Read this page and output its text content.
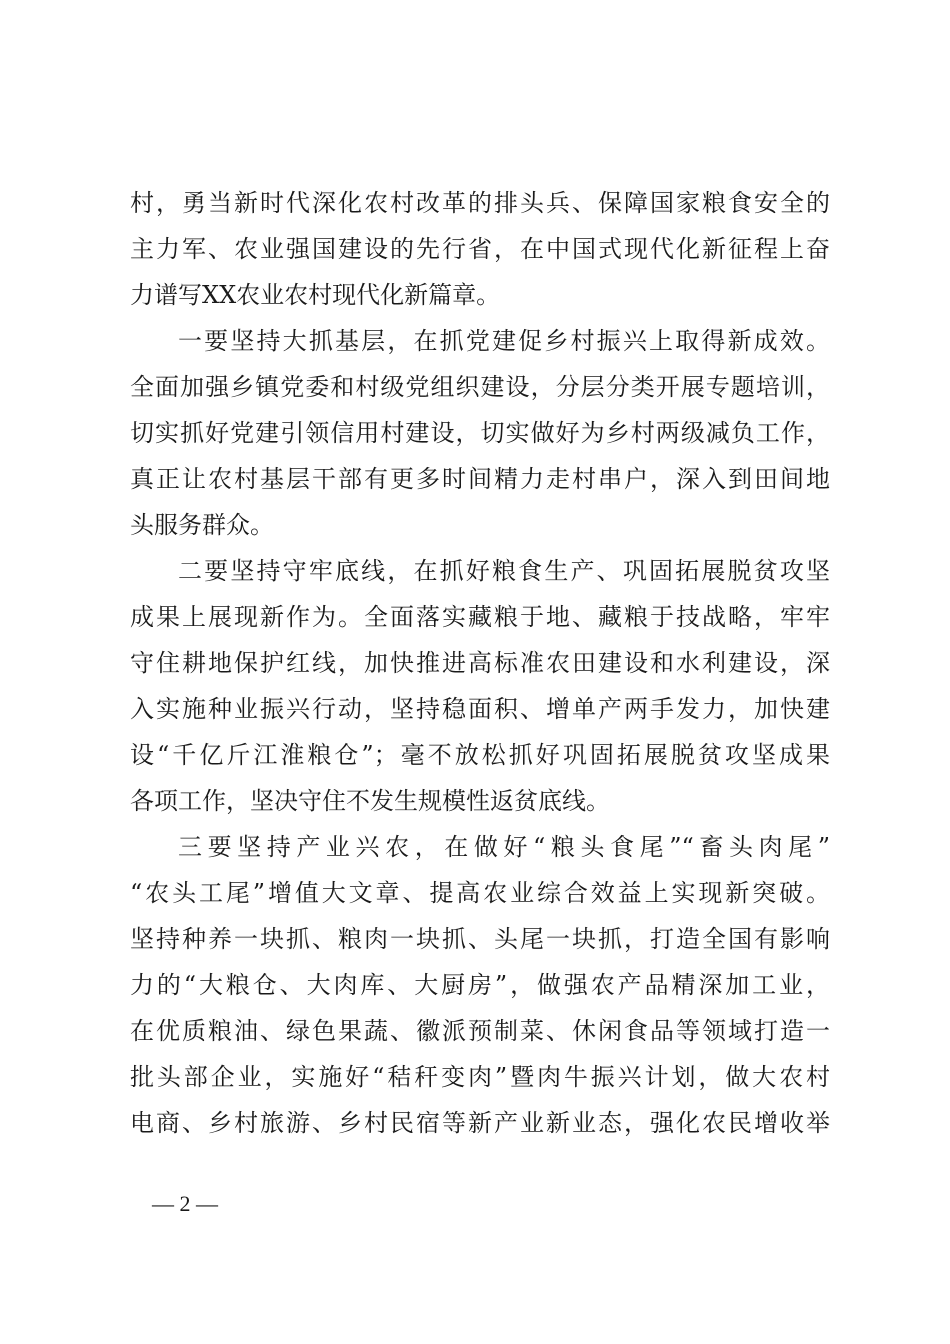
村，勇当新时代深化农村改革的排头兵、保障国家粮食安全的
主力军、农业强国建设的先行省，在中国式现代化新征程上奋
力谱写XX农业农村现代化新篇章。
一要坚持大抓基层，在抓党建促乡村振兴上取得新成效。
全面加强乡镇党委和村级党组织建设，分层分类开展专题培训，
切实抓好党建引领信用村建设，切实做好为乡村两级减负工作，
真正让农村基层干部有更多时间精力走村串户，深入到田间地
头服务群众。
二要坚持守牢底线，在抓好粮食生产、巩固拓展脱贫攻坚
成果上展现新作为。全面落实藏粮于地、藏粮于技战略，牢牢
守住耕地保护红线，加快推进高标准农田建设和水利建设，深
入实施种业振兴行动，坚持稳面积、增单产两手发力，加快建
设“千亿斤江淮粮仓”；毫不放松抓好巩固拓展脱贫攻坚成果
各项工作，坚决守住不发生规模性返贫底线。
三要坚持产业兴农，在做好“粮头食尾”“畜头肉尾”
“农头工尾”增值大文章、提高农业综合效益上实现新突破。
坚持种养一块抓、粮肉一块抓、头尾一块抓，打造全国有影响
力的“大粮仓、大肉库、大厨房”，做强农产品精深加工业，
在优质粮油、绿色果蔬、徽派预制菜、休闲食品等领域打造一
批头部企业，实施好“秸秆变肉”暨肉牛振兴计划，做大农村
电商、乡村旅游、乡村民宿等新产业新业态，强化农民增收举
— 2 —
